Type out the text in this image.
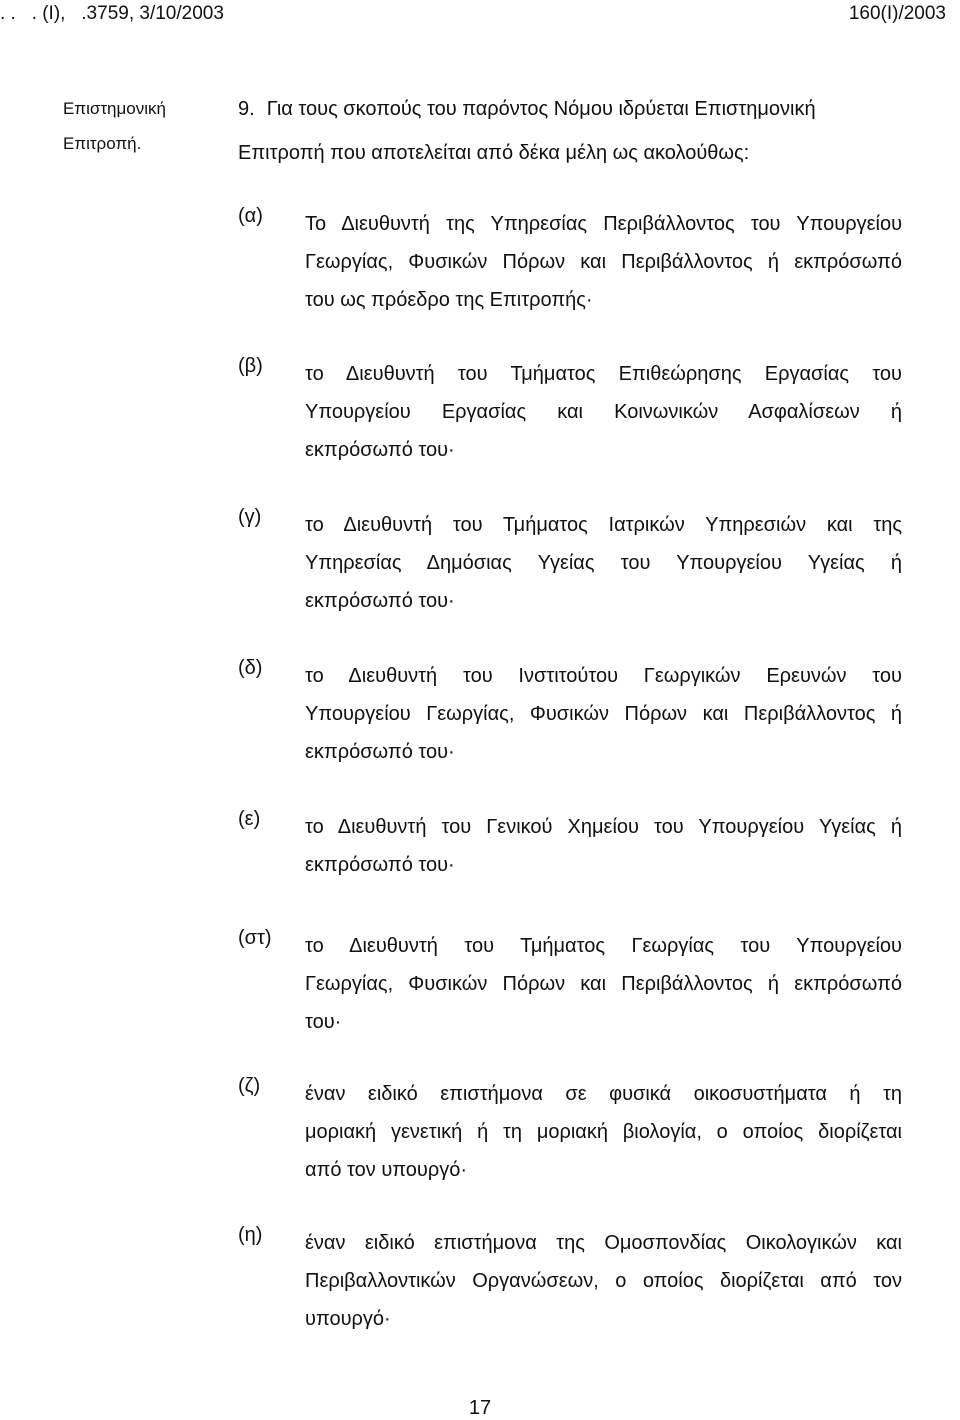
. .   . (Ι),   .3759, 3/10/2003	160(Ι)/2003
Επιστημονική
Επιτροπή.
9. Για τους σκοπούς του παρόντος Νόμου ιδρύεται Επιστημονική
Επιτροπή που αποτελείται από δέκα μέλη ως ακολούθως:
(α) Το Διευθυντή της Υπηρεσίας Περιβάλλοντος του Υπουργείου
Γεωργίας, Φυσικών Πόρων και Περιβάλλοντος ή εκπρόσωπό
του ως πρόεδρο της Επιτροπής·
(β) το Διευθυντή του Τμήματος Επιθεώρησης Εργασίας του
Υπουργείου Εργασίας και Κοινωνικών Ασφαλίσεων ή
εκπρόσωπό του·
(γ) το Διευθυντή του Τμήματος Ιατρικών Υπηρεσιών και της
Υπηρεσίας Δημόσιας Υγείας του Υπουργείου Υγείας ή
εκπρόσωπό του·
(δ) το Διευθυντή του Ινστιτούτου Γεωργικών Ερευνών του
Υπουργείου Γεωργίας, Φυσικών Πόρων και Περιβάλλοντος ή
εκπρόσωπό του·
(ε) το Διευθυντή του Γενικού Χημείου του Υπουργείου Υγείας ή
εκπρόσωπό του·
(στ) το Διευθυντή του Τμήματος Γεωργίας του Υπουργείου
Γεωργίας, Φυσικών Πόρων και Περιβάλλοντος ή εκπρόσωπό
του·
(ζ) έναν ειδικό επιστήμονα σε φυσικά οικοσυστήματα ή τη
μοριακή γενετική ή τη μοριακή βιολογία, ο οποίος διορίζεται
από τον υπουργό·
(η) έναν ειδικό επιστήμονα της Ομοσπονδίας Οικολογικών και
Περιβαλλοντικών Οργανώσεων, ο οποίος διορίζεται από τον
υπουργό·
17
